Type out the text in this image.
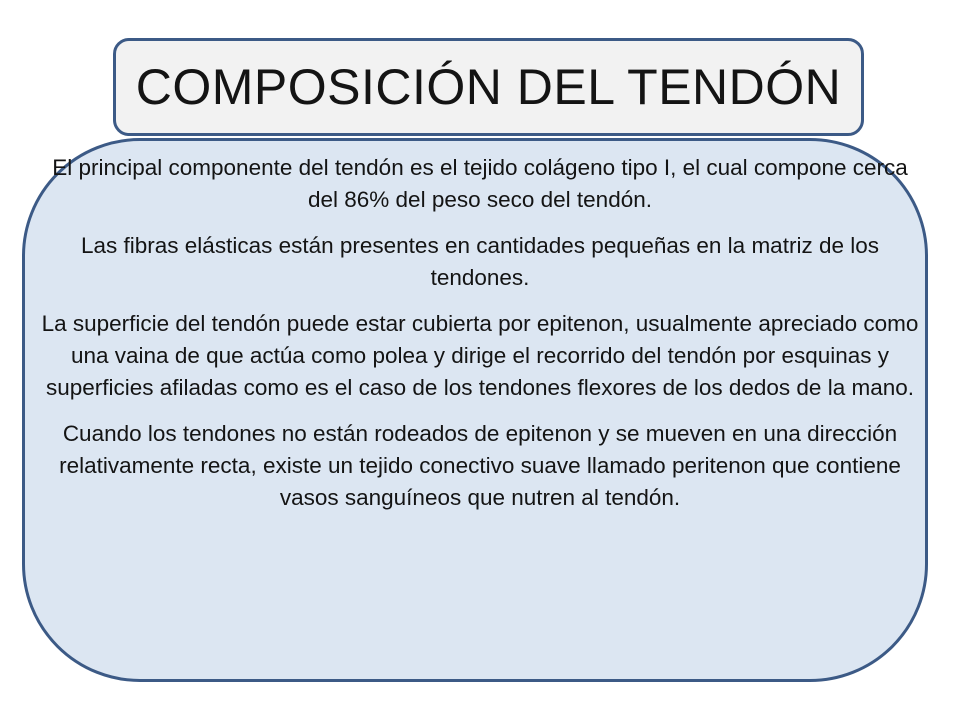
El principal componente del tendón es el tejido colágeno tipo I, el cual compone cerca del 86% del peso seco del tendón.

Las fibras elásticas están presentes en cantidades pequeñas en la matriz de los tendones.

La superficie del tendón puede estar cubierta por epitenon, usualmente apreciado como una vaina de que actúa como polea y dirige el recorrido del tendón por esquinas y superficies afiladas como es el caso de los tendones flexores de los dedos de la mano.

Cuando los tendones no están rodeados de epitenon y se mueven en una dirección relativamente recta, existe un tejido conectivo suave llamado peritenon que contiene vasos sanguíneos que nutren al tendón.

COMPOSICIÓN DEL TENDÓN
